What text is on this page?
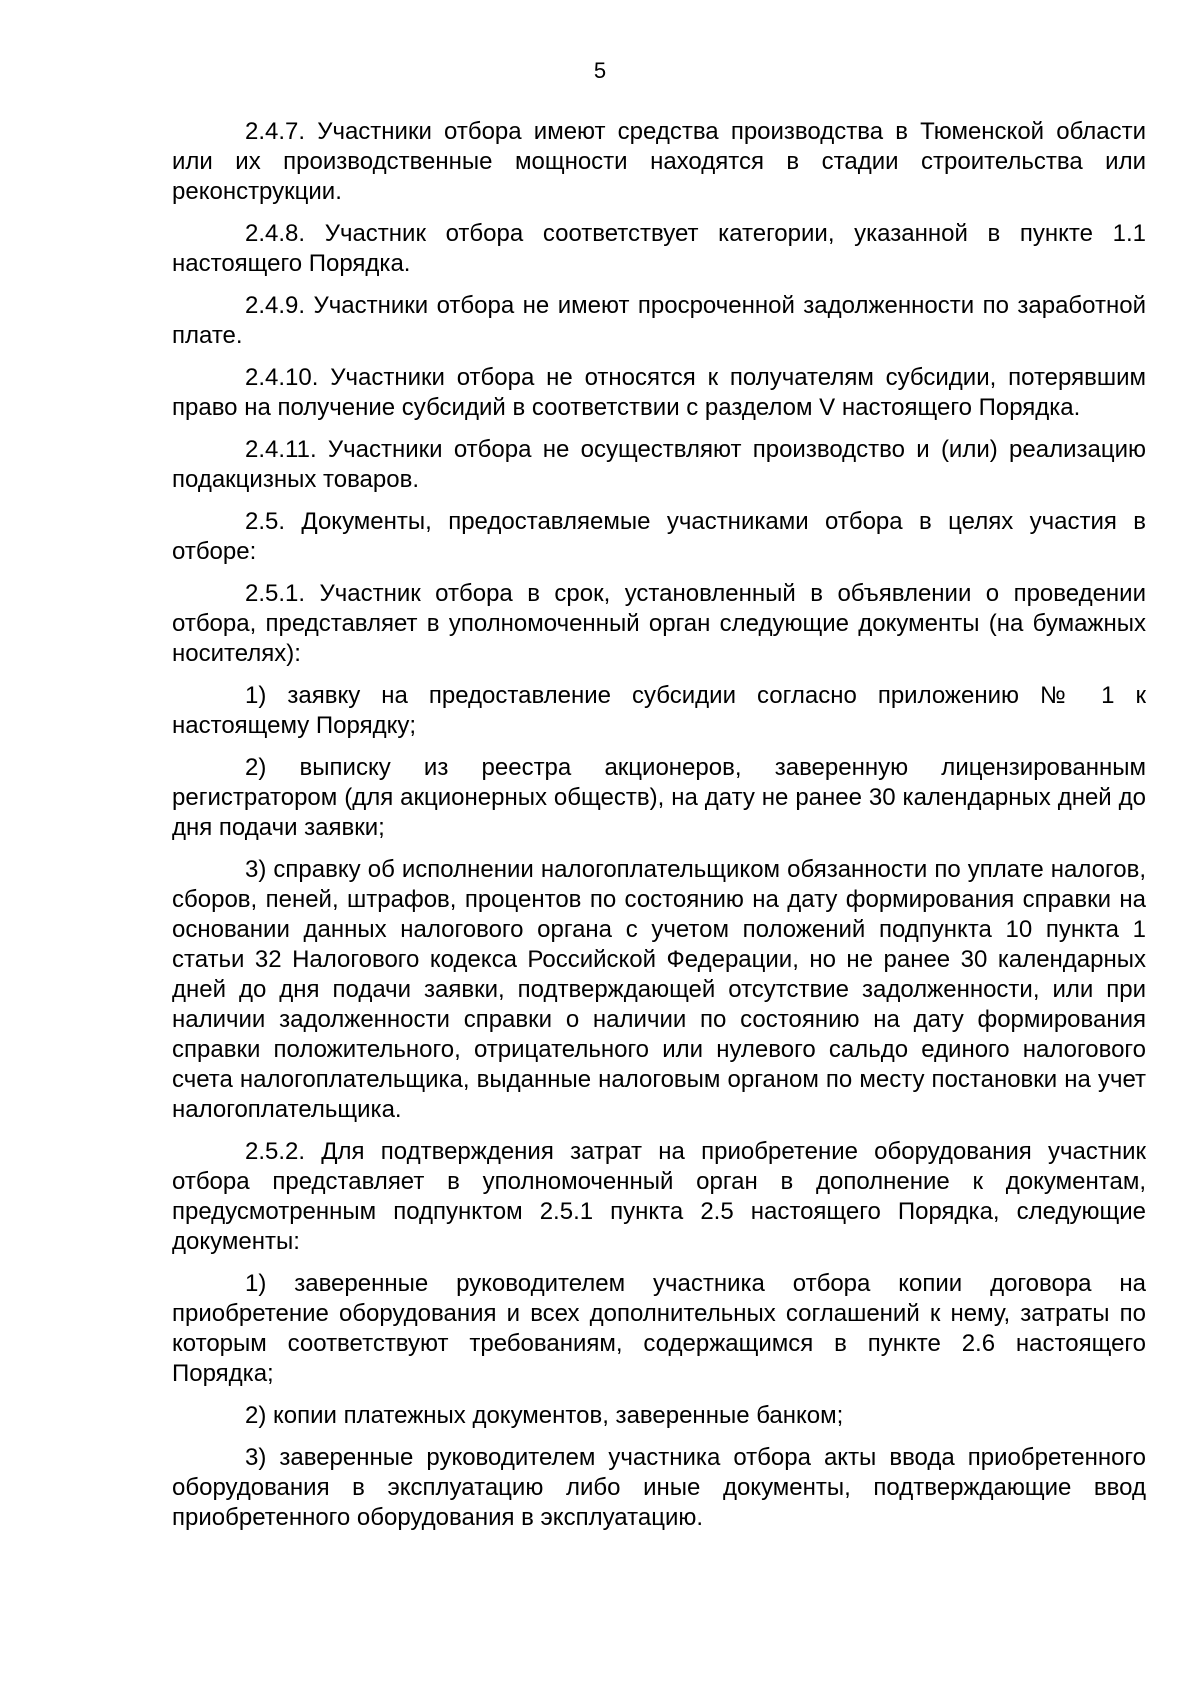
5

2.4.7. Участники отбора имеют средства производства в Тюменской области или их производственные мощности находятся в стадии строительства или реконструкции.

2.4.8. Участник отбора соответствует категории, указанной в пункте 1.1 настоящего Порядка.

2.4.9. Участники отбора не имеют просроченной задолженности по заработной плате.

2.4.10. Участники отбора не относятся к получателям субсидии, потерявшим право на получение субсидий в соответствии с разделом V настоящего Порядка.

2.4.11. Участники отбора не осуществляют производство и (или) реализацию подакцизных товаров.

2.5. Документы, предоставляемые участниками отбора в целях участия в отборе:

2.5.1. Участник отбора в срок, установленный в объявлении о проведении отбора, представляет в уполномоченный орган следующие документы (на бумажных носителях):

1) заявку на предоставление субсидии согласно приложению № 1 к настоящему Порядку;

2) выписку из реестра акционеров, заверенную лицензированным регистратором (для акционерных обществ), на дату не ранее 30 календарных дней до дня подачи заявки;

3) справку об исполнении налогоплательщиком обязанности по уплате налогов, сборов, пеней, штрафов, процентов по состоянию на дату формирования справки на основании данных налогового органа с учетом положений подпункта 10 пункта 1 статьи 32 Налогового кодекса Российской Федерации, но не ранее 30 календарных дней до дня подачи заявки, подтверждающей отсутствие задолженности, или при наличии задолженности справки о наличии по состоянию на дату формирования справки положительного, отрицательного или нулевого сальдо единого налогового счета налогоплательщика, выданные налоговым органом по месту постановки на учет налогоплательщика.

2.5.2. Для подтверждения затрат на приобретение оборудования участник отбора представляет в уполномоченный орган в дополнение к документам, предусмотренным подпунктом 2.5.1 пункта 2.5 настоящего Порядка, следующие документы:

1) заверенные руководителем участника отбора копии договора на приобретение оборудования и всех дополнительных соглашений к нему, затраты по которым соответствуют требованиям, содержащимся в пункте 2.6 настоящего Порядка;

2) копии платежных документов, заверенные банком;

3) заверенные руководителем участника отбора акты ввода приобретенного оборудования в эксплуатацию либо иные документы, подтверждающие ввод приобретенного оборудования в эксплуатацию.
